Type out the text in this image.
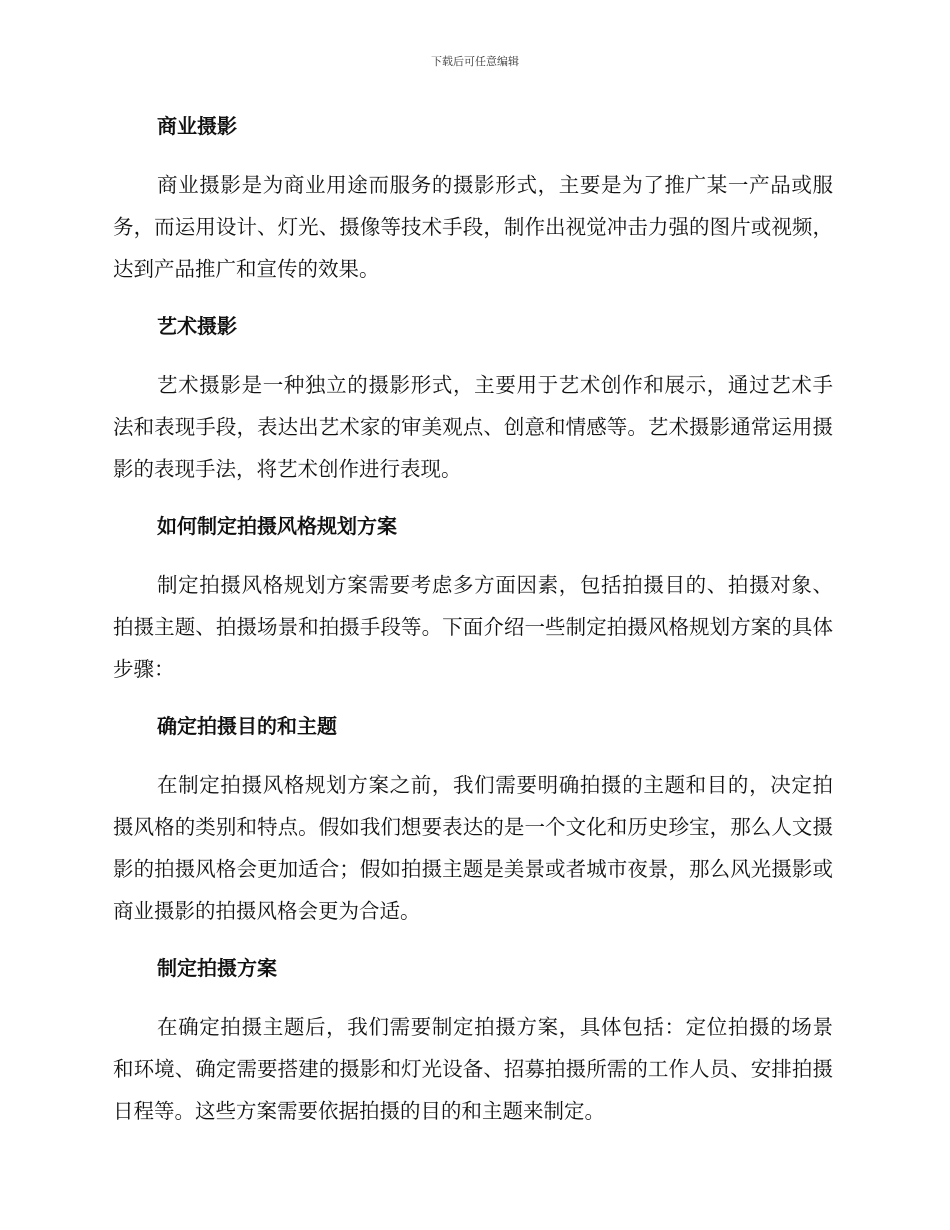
下载后可任意编辑
商业摄影

商业摄影是为商业用途而服务的摄影形式，主要是为了推广某一产品或服务，而运用设计、灯光、摄像等技术手段，制作出视觉冲击力强的图片或视频，达到产品推广和宣传的效果。

艺术摄影

艺术摄影是一种独立的摄影形式，主要用于艺术创作和展示，通过艺术手法和表现手段，表达出艺术家的审美观点、创意和情感等。艺术摄影通常运用摄影的表现手法，将艺术创作进行表现。

如何制定拍摄风格规划方案

制定拍摄风格规划方案需要考虑多方面因素，包括拍摄目的、拍摄对象、拍摄主题、拍摄场景和拍摄手段等。下面介绍一些制定拍摄风格规划方案的具体步骤：

确定拍摄目的和主题

在制定拍摄风格规划方案之前，我们需要明确拍摄的主题和目的，决定拍摄风格的类别和特点。假如我们想要表达的是一个文化和历史珍宝，那么人文摄影的拍摄风格会更加适合；假如拍摄主题是美景或者城市夜景，那么风光摄影或商业摄影的拍摄风格会更为合适。

制定拍摄方案

在确定拍摄主题后，我们需要制定拍摄方案，具体包括：定位拍摄的场景和环境、确定需要搭建的摄影和灯光设备、招募拍摄所需的工作人员、安排拍摄日程等。这些方案需要依据拍摄的目的和主题来制定。
